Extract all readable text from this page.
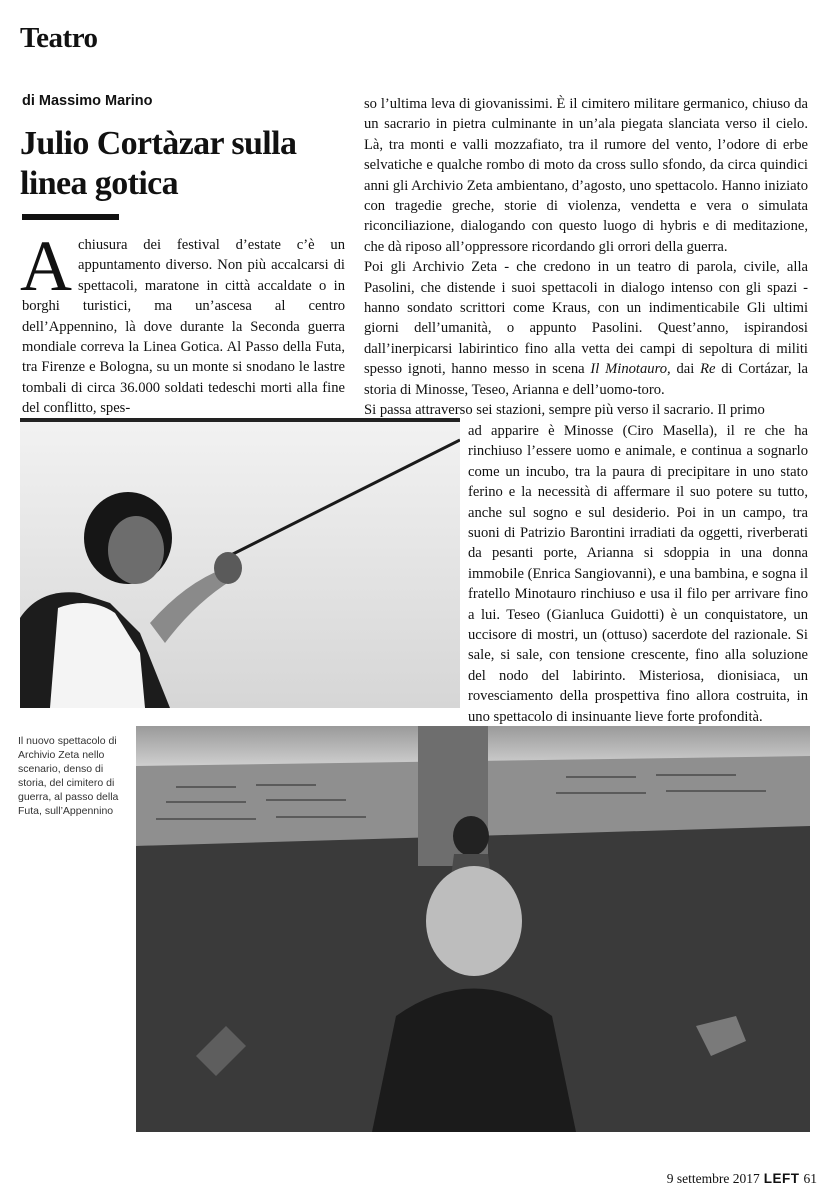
Teatro
di Massimo Marino
Julio Cortàzar sulla linea gotica
Achiusura dei festival d’estate c’è un appuntamento diverso. Non più accalcarsi di spettacoli, maratone in città accaldate o in borghi turistici, ma un’ascesa al centro dell’Appennino, là dove durante la Seconda guerra mondiale correva la Linea Gotica. Al Passo della Futa, tra Firenze e Bologna, su un monte si snodano le lastre tombali di circa 36.000 soldati tedeschi morti alla fine del conflitto, spes-

so l’ultima leva di giovanissimi. È il cimitero militare germanico, chiuso da un sacrario in pietra culminante in un’ala piegata slanciata verso il cielo. Là, tra monti e valli mozzafiato, tra il rumore del vento, l’odore di erbe selvatiche e qualche rombo di moto da cross sullo sfondo, da circa quindici anni gli Archivio Zeta ambientano, d’agosto, uno spettacolo. Hanno iniziato con tragedie greche, storie di violenza, vendetta e vera o simulata riconciliazione, dialogando con questo luogo di hybris e di meditazione, che dà riposo all’oppressore ricordando gli orrori della guerra.

Poi gli Archivio Zeta - che credono in un teatro di parola, civile, alla Pasolini, che distende i suoi spettacoli in dialogo intenso con gli spazi - hanno sondato scrittori come Kraus, con un indimenticabile Gli ultimi giorni dell’umanità, o appunto Pasolini. Quest’anno, ispirandosi dall’inerpicarsi labirintico fino alla vetta dei campi di sepoltura di militi spesso ignoti, hanno messo in scena Il Minotauro, dai Re di Cortázar, la storia di Minosse, Teseo, Arianna e dell’uomo-toro.

Si passa attraverso sei stazioni, sempre più verso il sacrario. Il primo

ad apparire è Minosse (Ciro Masella), il re che ha rinchiuso l’essere uomo e animale, e continua a sognarlo come un incubo, tra la paura di precipitare in uno stato ferino e la necessità di affermare il suo potere su tutto, anche sul sogno e sul desiderio. Poi in un campo, tra suoni di Patrizio Barontini irradiati da oggetti, riverberati da pesanti porte, Arianna si sdoppia in una donna immobile (Enrica Sangiovanni), e una bambina, e sogna il fratello Minotauro rinchiuso e usa il filo per arrivare fino a lui. Teseo (Gianluca Guidotti) è un conquistatore, un uccisore di mostri, un (ottuso) sacerdote del razionale. Si sale, si sale, con tensione crescente, fino alla soluzione del nodo del labirinto. Misteriosa, dionisiaca, un rovesciamento della prospettiva fino allora costruita, in uno spettacolo di insinuante lieve forte profondità.
Il nuovo spettacolo di Archivio Zeta nello scenario, denso di storia, del cimitero di guerra, al passo della Futa, sull’Appennino
9 settembre 2017 LEFT 61
